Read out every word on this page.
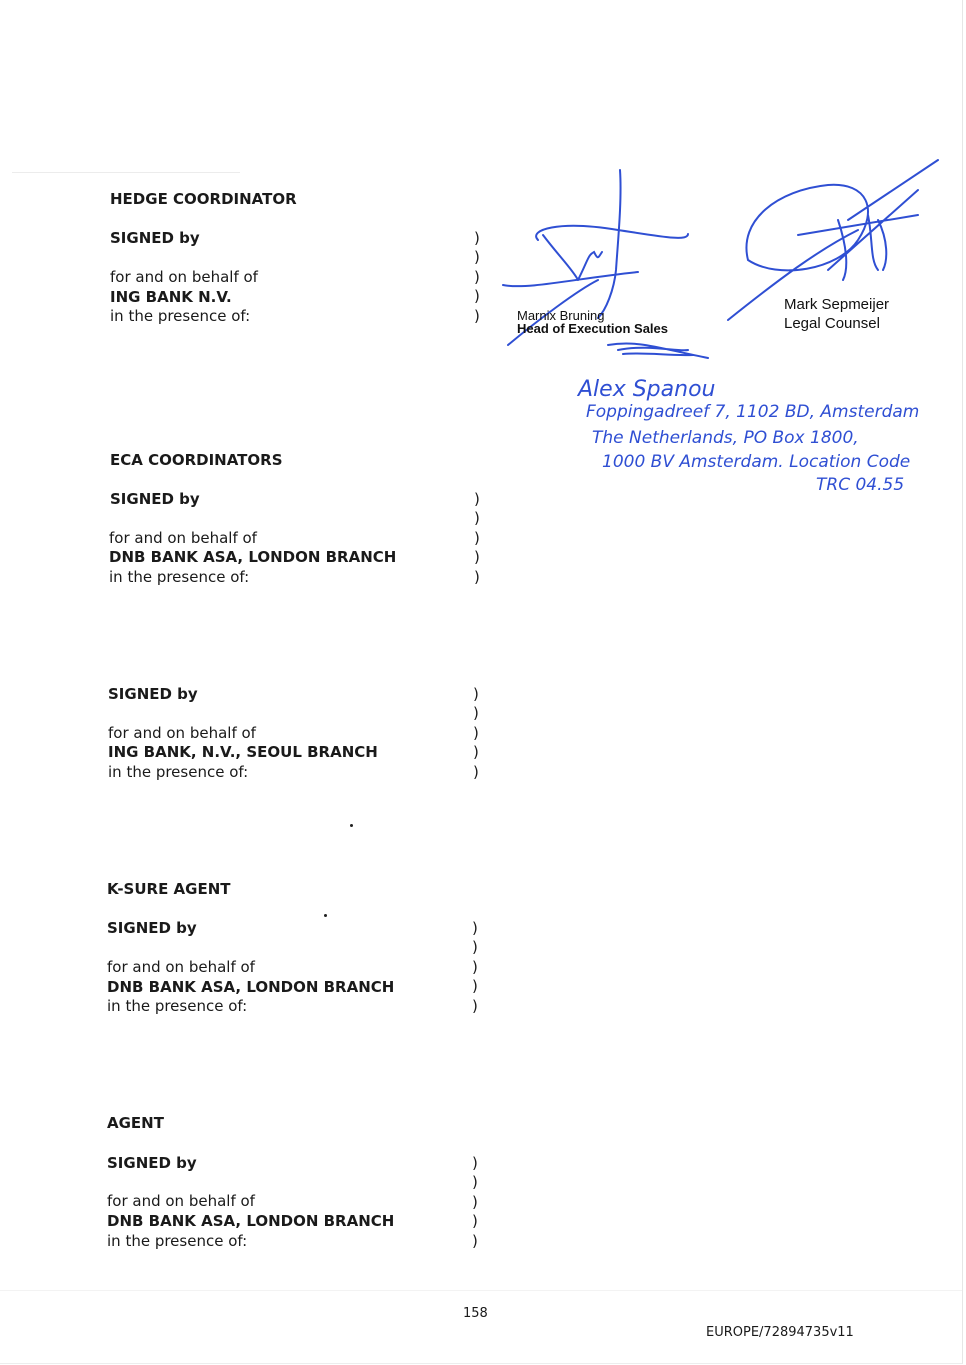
HEDGE COORDINATOR
SIGNED by
for and on behalf of
ING BANK N.V.
in the presence of:
)
)
)
)
)	Marnix Bruning
Head of Execution Sales
Mark Sepmeijer
Legal Counsel
Alex Spanou
Foppingadreef 7, 1102 BD, Amsterdam
The Netherlands, PO Box 1800,
1000 BV Amsterdam. Location Code
TRC 04.55
ECA COORDINATORS
SIGNED by
for and on behalf of
DNB BANK ASA, LONDON BRANCH
in the presence of:
)
)
)
)
)
SIGNED by
for and on behalf of
ING BANK, N.V., SEOUL BRANCH
in the presence of:
)
)
)
)
)
K-SURE AGENT
SIGNED by
for and on behalf of
DNB BANK ASA, LONDON BRANCH
in the presence of:
)
)
)
)
)
AGENT
SIGNED by
for and on behalf of
DNB BANK ASA, LONDON BRANCH
in the presence of:
)
)
)
)
)
158
EUROPE/72894735v11
